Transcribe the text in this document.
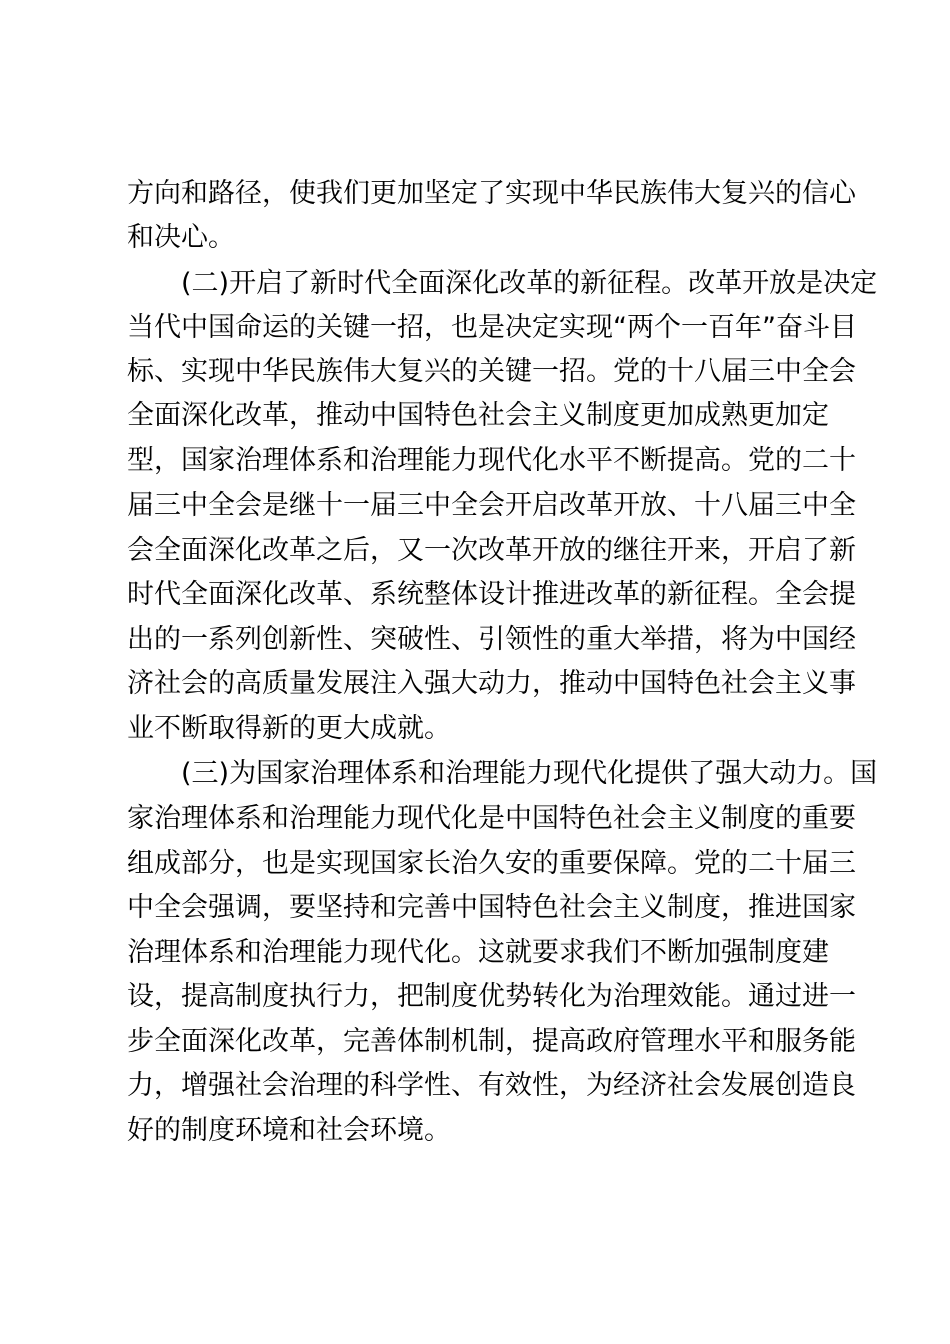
方向和路径，使我们更加坚定了实现中华民族伟大复兴的信心

和决心。

(二)开启了新时代全面深化改革的新征程。改革开放是决定

当代中国命运的关键一招，也是决定实现“两个一百年”奋斗目

标、实现中华民族伟大复兴的关键一招。党的十八届三中全会

全面深化改革，推动中国特色社会主义制度更加成熟更加定

型，国家治理体系和治理能力现代化水平不断提高。党的二十

届三中全会是继十一届三中全会开启改革开放、十八届三中全

会全面深化改革之后，又一次改革开放的继往开来，开启了新

时代全面深化改革、系统整体设计推进改革的新征程。全会提

出的一系列创新性、突破性、引领性的重大举措，将为中国经

济社会的高质量发展注入强大动力，推动中国特色社会主义事

业不断取得新的更大成就。

(三)为国家治理体系和治理能力现代化提供了强大动力。国

家治理体系和治理能力现代化是中国特色社会主义制度的重要

组成部分，也是实现国家长治久安的重要保障。党的二十届三

中全会强调，要坚持和完善中国特色社会主义制度，推进国家

治理体系和治理能力现代化。这就要求我们不断加强制度建

设，提高制度执行力，把制度优势转化为治理效能。通过进一

步全面深化改革，完善体制机制，提高政府管理水平和服务能

力，增强社会治理的科学性、有效性，为经济社会发展创造良

好的制度环境和社会环境。
